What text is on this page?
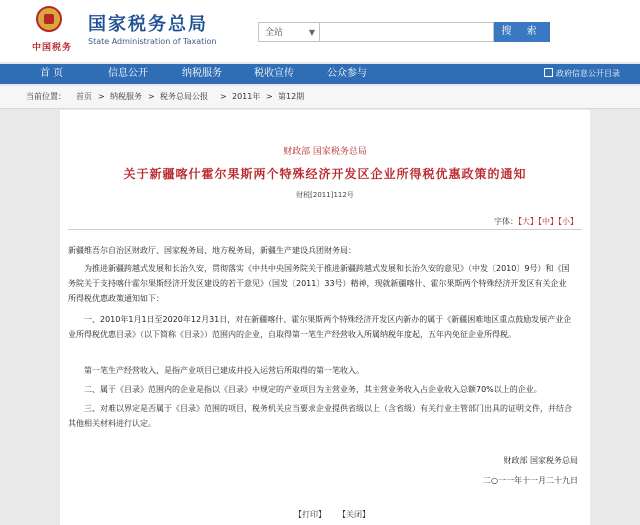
中国税务
国家税务总局
State Administration of Taxation
全站	▼	搜 索
首 页	信息公开	纳税服务	税收宣传	公众参与	政府信息公开目录
当前位置： 首页 > 纳税服务 > 税务总局公报 > 2011年 > 第12期
财政部 国家税务总局
关于新疆喀什霍尔果斯两个特殊经济开发区企业所得税优惠政策的通知
财税[2011]112号
字体：【大】【中】【小】

新疆维吾尔自治区财政厅、国家税务局、地方税务局，新疆生产建设兵团财务局：

为推进新疆跨越式发展和长治久安，贯彻落实《中共中央国务院关于推进新疆跨越式发展和长治久安的意见》（中发〔2010〕9号）和《国务院关于支持喀什霍尔果斯经济开发区建设的若干意见》（国发〔2011〕33号）精神，现就新疆喀什、霍尔果斯两个特殊经济开发区有关企业所得税优惠政策通知如下：

一、2010年1月1日至2020年12月31日，对在新疆喀什、霍尔果斯两个特殊经济开发区内新办的属于《新疆困难地区重点鼓励发展产业企业所得税优惠目录》（以下简称《目录》）范围内的企业，自取得第一笔生产经营收入所属纳税年度起，五年内免征企业所得税。

第一笔生产经营收入，是指产业项目已建成并投入运营后所取得的第一笔收入。

二、属于《目录》范围内的企业是指以《目录》中规定的产业项目为主营业务，其主营业务收入占企业收入总额70%以上的企业。

三、对难以界定是否属于《目录》范围的项目，税务机关应当要求企业提供省级以上（含省级）有关行业主管部门出具的证明文件，并结合其他相关材料进行认定。

财政部 国家税务总局
二○一一年十一月二十九日
【打印】 【关闭】
